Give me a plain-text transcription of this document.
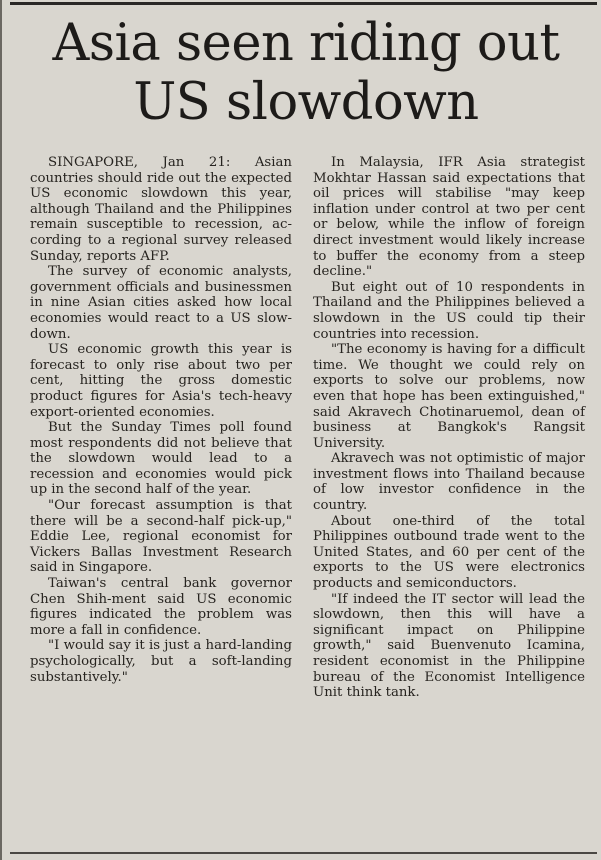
Asia seen riding out
US slowdown

SINGAPORE, Jan 21: Asian countries should ride out the expected US economic slowdown this year, although Thailand and the Philippines remain susceptible to recession, according to a regional survey released Sunday, reports AFP.

The survey of economic analysts, government officials and businessmen in nine Asian cities asked how local economies would react to a US slowdown.

US economic growth this year is forecast to only rise about two per cent, hitting the gross domestic product figures for Asia's tech-heavy export-oriented economies.

But the Sunday Times poll found most respondents did not believe that the slowdown would lead to a recession and economies would pick up in the second half of the year.

"Our forecast assumption is that there will be a second-half pick-up," Eddie Lee, regional economist for Vickers Ballas Investment Research said in Singapore.

Taiwan's central bank governor Chen Shih-ment said US economic figures indicated the problem was more a fall in confidence.

"I would say it is just a hard-landing psychologically, but a soft-landing substantively."

In Malaysia, IFR Asia strategist Mokhtar Hassan said expectations that oil prices will stabilise "may keep inflation under control at two per cent or below, while the inflow of foreign direct investment would likely increase to buffer the economy from a steep decline."

But eight out of 10 respondents in Thailand and the Philippines believed a slowdown in the US could tip their countries into recession.

"The economy is having for a difficult time. We thought we could rely on exports to solve our problems, now even that hope has been extinguished," said Akravech Chotinaruemol, dean of business at Bangkok's Rangsit University.

Akravech was not optimistic of major investment flows into Thailand because of low investor confidence in the country.

About one-third of the total Philippines outbound trade went to the United States, and 60 per cent of the exports to the US were electronics products and semiconductors.

"If indeed the IT sector will lead the slowdown, then this will have a significant impact on Philippine growth," said Buenvenuto Icamina, resident economist in the Philippine bureau of the Economist Intelligence Unit think tank.
